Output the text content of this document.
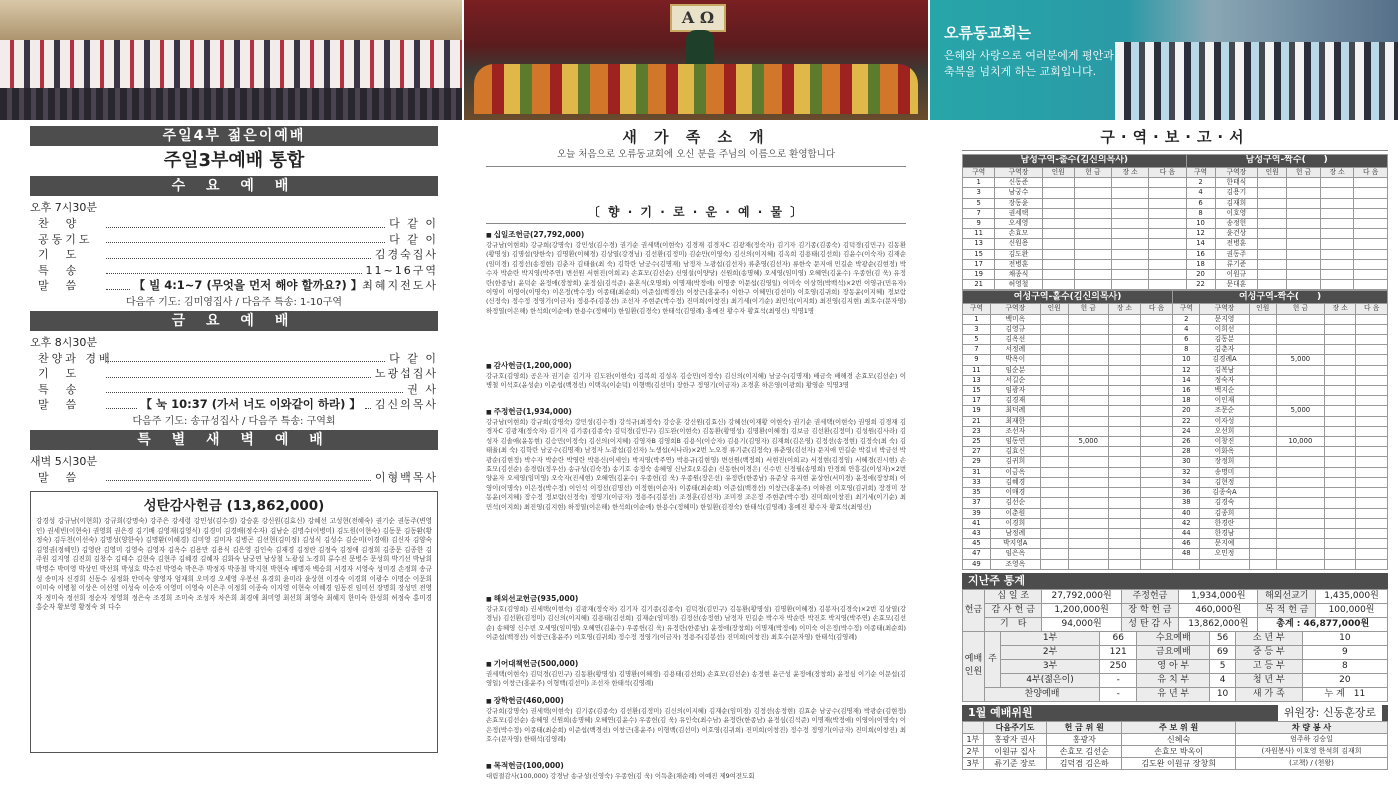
A Ω
오류동교회는
은혜와 사랑으로 여러분에게 평안과 축복을 넘치게 하는 교회입니다.
주일4부 젊은이예배
주일3부예배 통합
수 요 예 배
오후 7시30분
찬　양	다 같 이
공동기도	다 같 이
기　도	김경숙집사
특　송	11~16구역
말　씀	【 빌 4:1~7 (무엇을 먼저 해야 할까요?) 】 최혜지전도사
다음주 기도: 김미영집사 / 다음주 특송: 1-10구역
금 요 예 배
오후 8시30분
찬양과 경배	다 같 이
기　도	노광섭집사
특　송	권 사
말　씀	【 눅 10:37 (가서 너도 이와같이 하라) 】 김신의목사
다음주 기도: 송규성집사 / 다음주 특송: 구역회
특 별 새 벽 예 배
새벽 5시30분
말　씀	이형백목사
성탄감사헌금 (13,862,000)

강경성 강규남(이현희) 강규희(강명숙) 강주은 강세령 강민성(김수경) 강승훈 강신원(김효신) 강혜선 고성현(전혜숙) 권기순 권동주(변영인) 권세빈(이현숙) 권영희 권은경 김기배 김영재(김영식) 김경미 김경배(정수자) 김남순 김명수(이병미) 김도원(이현숙) 김동문 김동환(황정숙) 김두천(이선숙) 김명성(양한숙) 김명환(이혜경) 김미영 김미자 김병곤 김선현(김미정) 김성식 김성수 김순미(이경애) 김신자 김양숙 김영권(정혜인) 김영란 김영미 김영숙 김영자 김옥수 김용만 김용식 김은영 김인숙 김재경 김정란 김정숙 김정애 김정희 김종문 김종한 김주원 김지영 김진희 김창수 김태수 김현숙 김현주 김혜경 김혜자 김화숙 남궁연 남상철 노광섭 노경희 류수진 문병수 문성희 박기선 박남희 박명수 박미영 박상민 박선희 박성호 박수진 박영숙 박은주 박정자 박종철 박지현 박현숙 배명자 백승희 서경자 서영숙 성미경 손정희 송규성 송미자 신경희 신동수 심정화 안미숙 양영자 엄재희 오미경 오세영 우봉선 유경희 윤미라 윤상현 이경숙 이경희 이광수 이명순 이문희 이미숙 이병철 이상은 이선영 이성숙 이순자 이영미 이영숙 이은주 이정희 이종숙 이지영 이현숙 이혜경 임동진 임미선 장명희 장성민 전영자 정미숙 정선희 정순자 정영희 정은숙 조경희 조미숙 조성자 차은희 최경애 최미영 최선희 최영숙 최혜지 한미숙 한성희 허정숙 홍미경 홍순자 황보영 황정숙 외 다수

새 가 족 소 개
오늘 처음으로 오류동교회에 오신 분을 주님의 이름으로 환영합니다
〔 향 · 기 · 로 · 운 · 예 · 물 〕
■ 십일조헌금(27,792,000)
강규남(이현희) 강규희(강명숙) 강민성(김수경) 권기순 권세택(이현숙) 김경재 김경자C 김광재(정숙자) 김기자 김기종(김종숙) 김덕경(김민구) 김동환(황명성) 김명섭(양한숙) 김명환(이혜경) 김상열(강경님) 김선환(김정미) 김순만(이영숙) 김신의(이지혜) 김옥희 김용태(김선희) 김윤수(이숙자) 김재순(임미경) 김정선(송정현) 김춘자 김태율(최 숙) 김학란 남궁수(김명재) 남정자 노광섭(김선자) 류춘영(김선자) 류한숙 문지애 민길순 박광순(김현정) 박수자 박순란 박지영(박주연) 변선원 서현진(이희교) 손효모(김선순) 신영설(이양당) 신원희(송명혜) 오세영(임미영) 오혜연(김윤수) 우종헌(김 욱) 유정란(한종남) 윤덕순 윤정애(장창희) 윤정심(김석준) 윤혼식(오명희) 이명재(박정애) 이명중 이문섭(김영일) 이미숙 이상혁(박백석)×2번 이영규(민유자) 이영이 이영이(이명숙) 이은정(박수정) 이종태(최순희) 이준섭(백경선) 이창근(홍윤주) 이한구 이혜민(김선미) 이호영(김귀희) 장동윤(이지혜) 정보람(신정숙) 정수정 정영기(이금자) 정용주(김봉선) 조선자 주현준(박수정) 진미희(이창진) 최기세(이기순) 최민석(이지희) 최진영(김지현) 최호수(문자영) 하정열(이은해) 한석희(이순애) 한용수(정혜미) 한일환(김경숙) 한태석(김영례) 홍예진 황수자 황효석(최영신) 익명1명
■ 감사헌금(1,200,000)
강규호(김영희) 공은자 권기순 김기자 김도완(이현숙) 김복희 김성옥 김승민(이정숙) 김신의(이지혜) 남궁수(김명재) 배금숙 배해경 손효모(김선순) 이병철 이석호(윤성순) 이준섭(백경선) 이택옥(이순덕) 이형백(김선미) 장한구 정영기(이금자) 조경훈 하은영(이광희) 황영순 익명3명
■ 주정헌금(1,934,000)
강규남(이현희) 강규희(강명숙) 강민성(김수경) 강석규(최정숙) 강승훈 강신원(김효신) 강혜선(이재황 이현숙) 권기순 권세택(이현숙) 권영희 김경재 김경자C 김광재(정숙자) 김기자 김기종(김종숙) 김덕경(김민구) 김도완(이현숙) 김동환(황명성) 김명환(이혜경) 김보금 김선환(김정미) 김성원(김사라) 김성자 김솔애(윤동현) 김승민(이정숙) 김신의(이지혜) 김영자B 김영희B 김용식(이승자) 김용기(김영자) 김재희(김은영) 김정선(송정현) 김정숙(최 숙) 김태율(최 숙) 김학란 남궁수(김명재) 남정자 노광섭(김선자) 노생섭(서나라)×2번 노오경 류기준(김정숙) 류춘영(김선자) 문지애 민길순 박길녀 박금선 박광순(김현정) 박수자 박순란 박영란 박용신(이세인) 박지영(박주연) 박용규(김현영) 변선원(백정희) 서현진(이희교) 서정현(김정임) 서혜경(진시현) 손효모(김선순) 송경림(정우선) 송규성(김숙정) 송기호 송정숙 송혜영 신남호(오길순) 신동한(이경은) 신수빈 신정필(송명희) 안경희 안흥길(이성자)×2번 양윤자 오세영(임미영) 오숙자(진세현) 오혜연(김윤수) 우종헌(김 욱) 우종원(장은선) 유정란(한종남) 유준상 유지현 윤상헌(서미경) 윤정애(장창희) 이영이(이명숙) 이은정(박수정) 이인석 이정선(김명선) 이정현(이순자) 이종태(최순희) 이준섭(백경선) 이창근(홍윤주) 이하겸 이호영(김귀희) 장경미 장동윤(이지혜) 장수정 정보람(신정숙) 정영기(이금자) 정용주(김봉선) 조경훈(김선자) 조미경 조은정 주현준(박수정) 진미희(이창진) 최기세(이기순) 최민석(이지희) 최진영(김지현) 하정열(이은해) 한석희(이순애) 한용수(정혜미) 한일환(김경숙) 한태석(김영례) 홍예진 황수자 황효석(최영신)
■ 해외선교헌금(935,000)
강규호(김영희) 권세택(이현숙) 김광재(정숙자) 김기자 김기종(김종숙) 김덕경(김민구) 김동환(황명성) 김명환(이혜경) 김봉자(김경숙)×2번 김상열(강경님) 김선환(김정미) 김신의(이지혜) 김용태(김선희) 김재순(임미경) 김정선(송정현) 남정자 민길순 박수자 박순란 박진호 박지영(박주연) 손효모(김선순) 송혜영 신수빈 오세영(임미영) 오혜연(김윤수) 우종헌(김 욱) 유정란(한종남) 윤정애(장창희) 이명재(박정애) 이미숙 이은정(박수정) 이종태(최순희) 이준섭(백경선) 이창근(홍윤주) 이호영(김귀희) 정수정 정영기(이금자) 정용주(김봉선) 진미희(이창진) 최호수(문자영) 한태석(김영례)
■ 기어대책헌금(500,000)
권세택(이현숙) 김덕경(김민구) 김동환(황명성) 김명환(이혜경) 김용태(김선희) 손효모(김선순) 송정현 윤근성 윤정애(장창희) 윤정심 이기순 이문섭(김영일) 이창근(홍윤주) 이형백(김선미) 조선자 한태석(김영례)
■ 장학헌금(460,000)
강규희(강명숙) 권세택(이현숙) 김기종(김종숙) 김선환(김정미) 김신의(이지혜) 김재순(임미경) 김정선(송정현) 김효순 남궁수(김명재) 박광순(김현정) 손효모(김선순) 송혜영 신원희(송명혜) 오혜연(김윤수) 우종헌(김 욱) 유인숙(최수남) 윤정란(한종남) 윤정심(김석준) 이명재(박정애) 이영이(이명숙) 이은정(박수정) 이종태(최순희) 이준섭(백경선) 이창근(홍윤주) 이형백(김선미) 이호영(김귀희) 진미희(이창진) 정수정 정영기(이금자) 진미희(이창진) 최호수(문자영) 한태석(김영례)
■ 목적헌금(100,000)
대림절감사(100,000) 강경남 송규성(신영숙) 우종헌(김 욱) 이득춘(채순례) 이예진 제9여전도회
구·역·보·고·서
남성구역-출수(김신의목사)						남성구역-짝수(　　)					
구역	구역장	인원	헌 금	장 소	다 음	구역	구역장	인원	헌 금	장 소	다 음
1	신동준					2	한태식				
3	남궁수					4	김용기				
5	장동윤					6	김재희				
7	권세택					8	이호영				
9	오세영					10	송정헌				
11	손효모					12	윤건상				
13	신원용					14	전병훈				
15	김도완					16	권동주				
17	전병훈					18	류기준				
19	채종식					20	이원규				
21	허영철					22	문대훈				
여성구역-홀수(김신의목사)						여성구역-짝수(　　)					
구역	구역장	인원	헌 금	장 소	다 음	구역	구역장	인원	헌 금	장 소	다 음
1	백미옥					2	문지영				
3	김영규					4	이희선				
5	김옥선					6	김동분				
7	서정례					8	김춘자				
9	박옥이					10	김경례A		5,000		
11	임순분					12	김복남				
13	서길순					14	정숙자				
15	임광자					16	백지순				
17	김경재					18	이인재				
19	최덕례					20	조문순		5,000		
21	최재한					22	이자성				
23	조선자					24	오선희				
25	임동연		5,000			26	이창진		10,000		
27	김효신					28	이화옥				
29	김귀희					30	장정희				
31	이금옥					32	송명미				
33	김혜경					34	김현정				
35	이매경					36	김종숙A				
37	김선순					38	김경숙				
39	이춘원					40	김종희				
41	이경희					42	한경란				
43	남정례					44	한경남				
45	박지영A					46	문지예				
47	임은옥					48	오민정				
49	조영옥										
지난주 통계
헌금	십 일 조	27,792,000원	주정헌금	1,934,000원	해외선교기	1,435,000원
	감 사 헌 금	1,200,000원	장 학 헌 금	460,000원	목 적 헌 금	100,000원
	기　타	94,000원	성 탄 감 사	13,862,000원	총계 : 46,877,000원	
예배 인원	주	1부	66	수요예배	56	소 년 부	10
		2부	121	금요예배	69	중 등 부	9
		3부	250	영 아 부	5	고 등 부	8
		4부(젊은이)	-	유 치 부	4	청 년 부	20
	찬양예배		-	유 년 부	10	새 가 족	누 계　11
1월 예배위원	위원장: 신동훈장로
	다음주기도	헌 금 위 원	주 보 위 원	차 량 봉 사
1부	홍광자 권사	홍광자	신혜숙	엄주하 김승일
2부	이원규 집사	손효모 김선순	손효모 박옥이	(자원봉사) 이호영 한석희 김재희
3부	류기준 장로	김덕겸 김은하	김도완 이원규 장창희	(고책) / (천왕)
